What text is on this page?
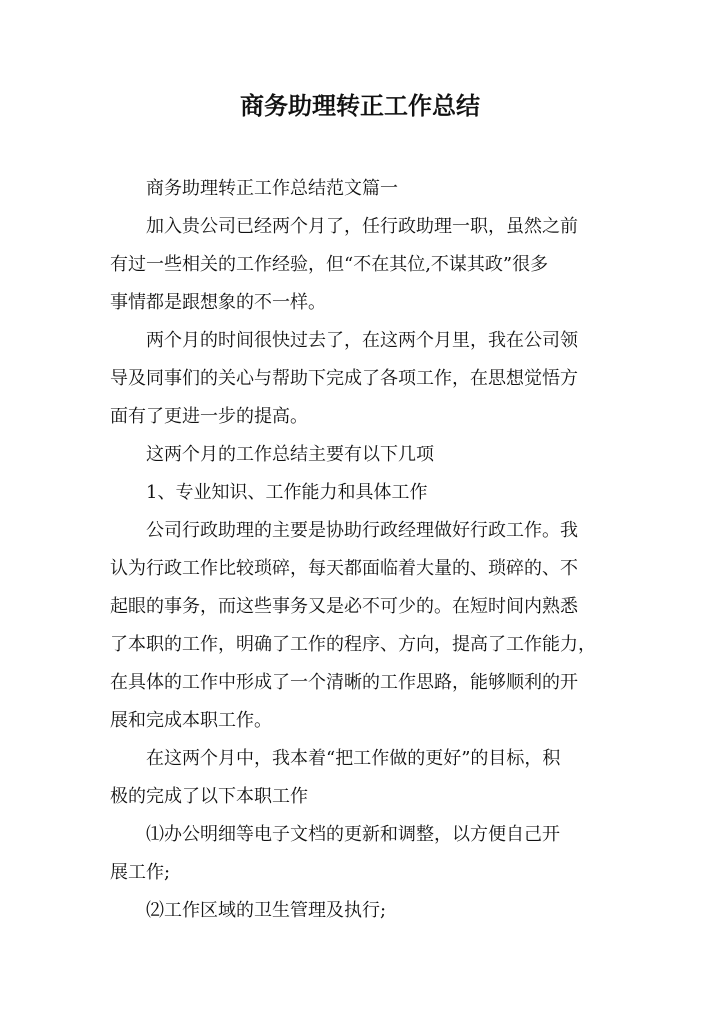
商务助理转正工作总结

商务助理转正工作总结范文篇一

加入贵公司已经两个月了，任行政助理一职，虽然之前
有过一些相关的工作经验，但“不在其位,不谋其政”很多
事情都是跟想象的不一样。

两个月的时间很快过去了，在这两个月里，我在公司领
导及同事们的关心与帮助下完成了各项工作，在思想觉悟方
面有了更进一步的提高。

这两个月的工作总结主要有以下几项

1、专业知识、工作能力和具体工作

公司行政助理的主要是协助行政经理做好行政工作。我
认为行政工作比较琐碎，每天都面临着大量的、琐碎的、不
起眼的事务，而这些事务又是必不可少的。在短时间内熟悉
了本职的工作，明确了工作的程序、方向，提高了工作能力，
在具体的工作中形成了一个清晰的工作思路，能够顺利的开
展和完成本职工作。

在这两个月中，我本着“把工作做的更好”的目标，积
极的完成了以下本职工作

⑴办公明细等电子文档的更新和调整，以方便自己开
展工作;

⑵工作区域的卫生管理及执行;
